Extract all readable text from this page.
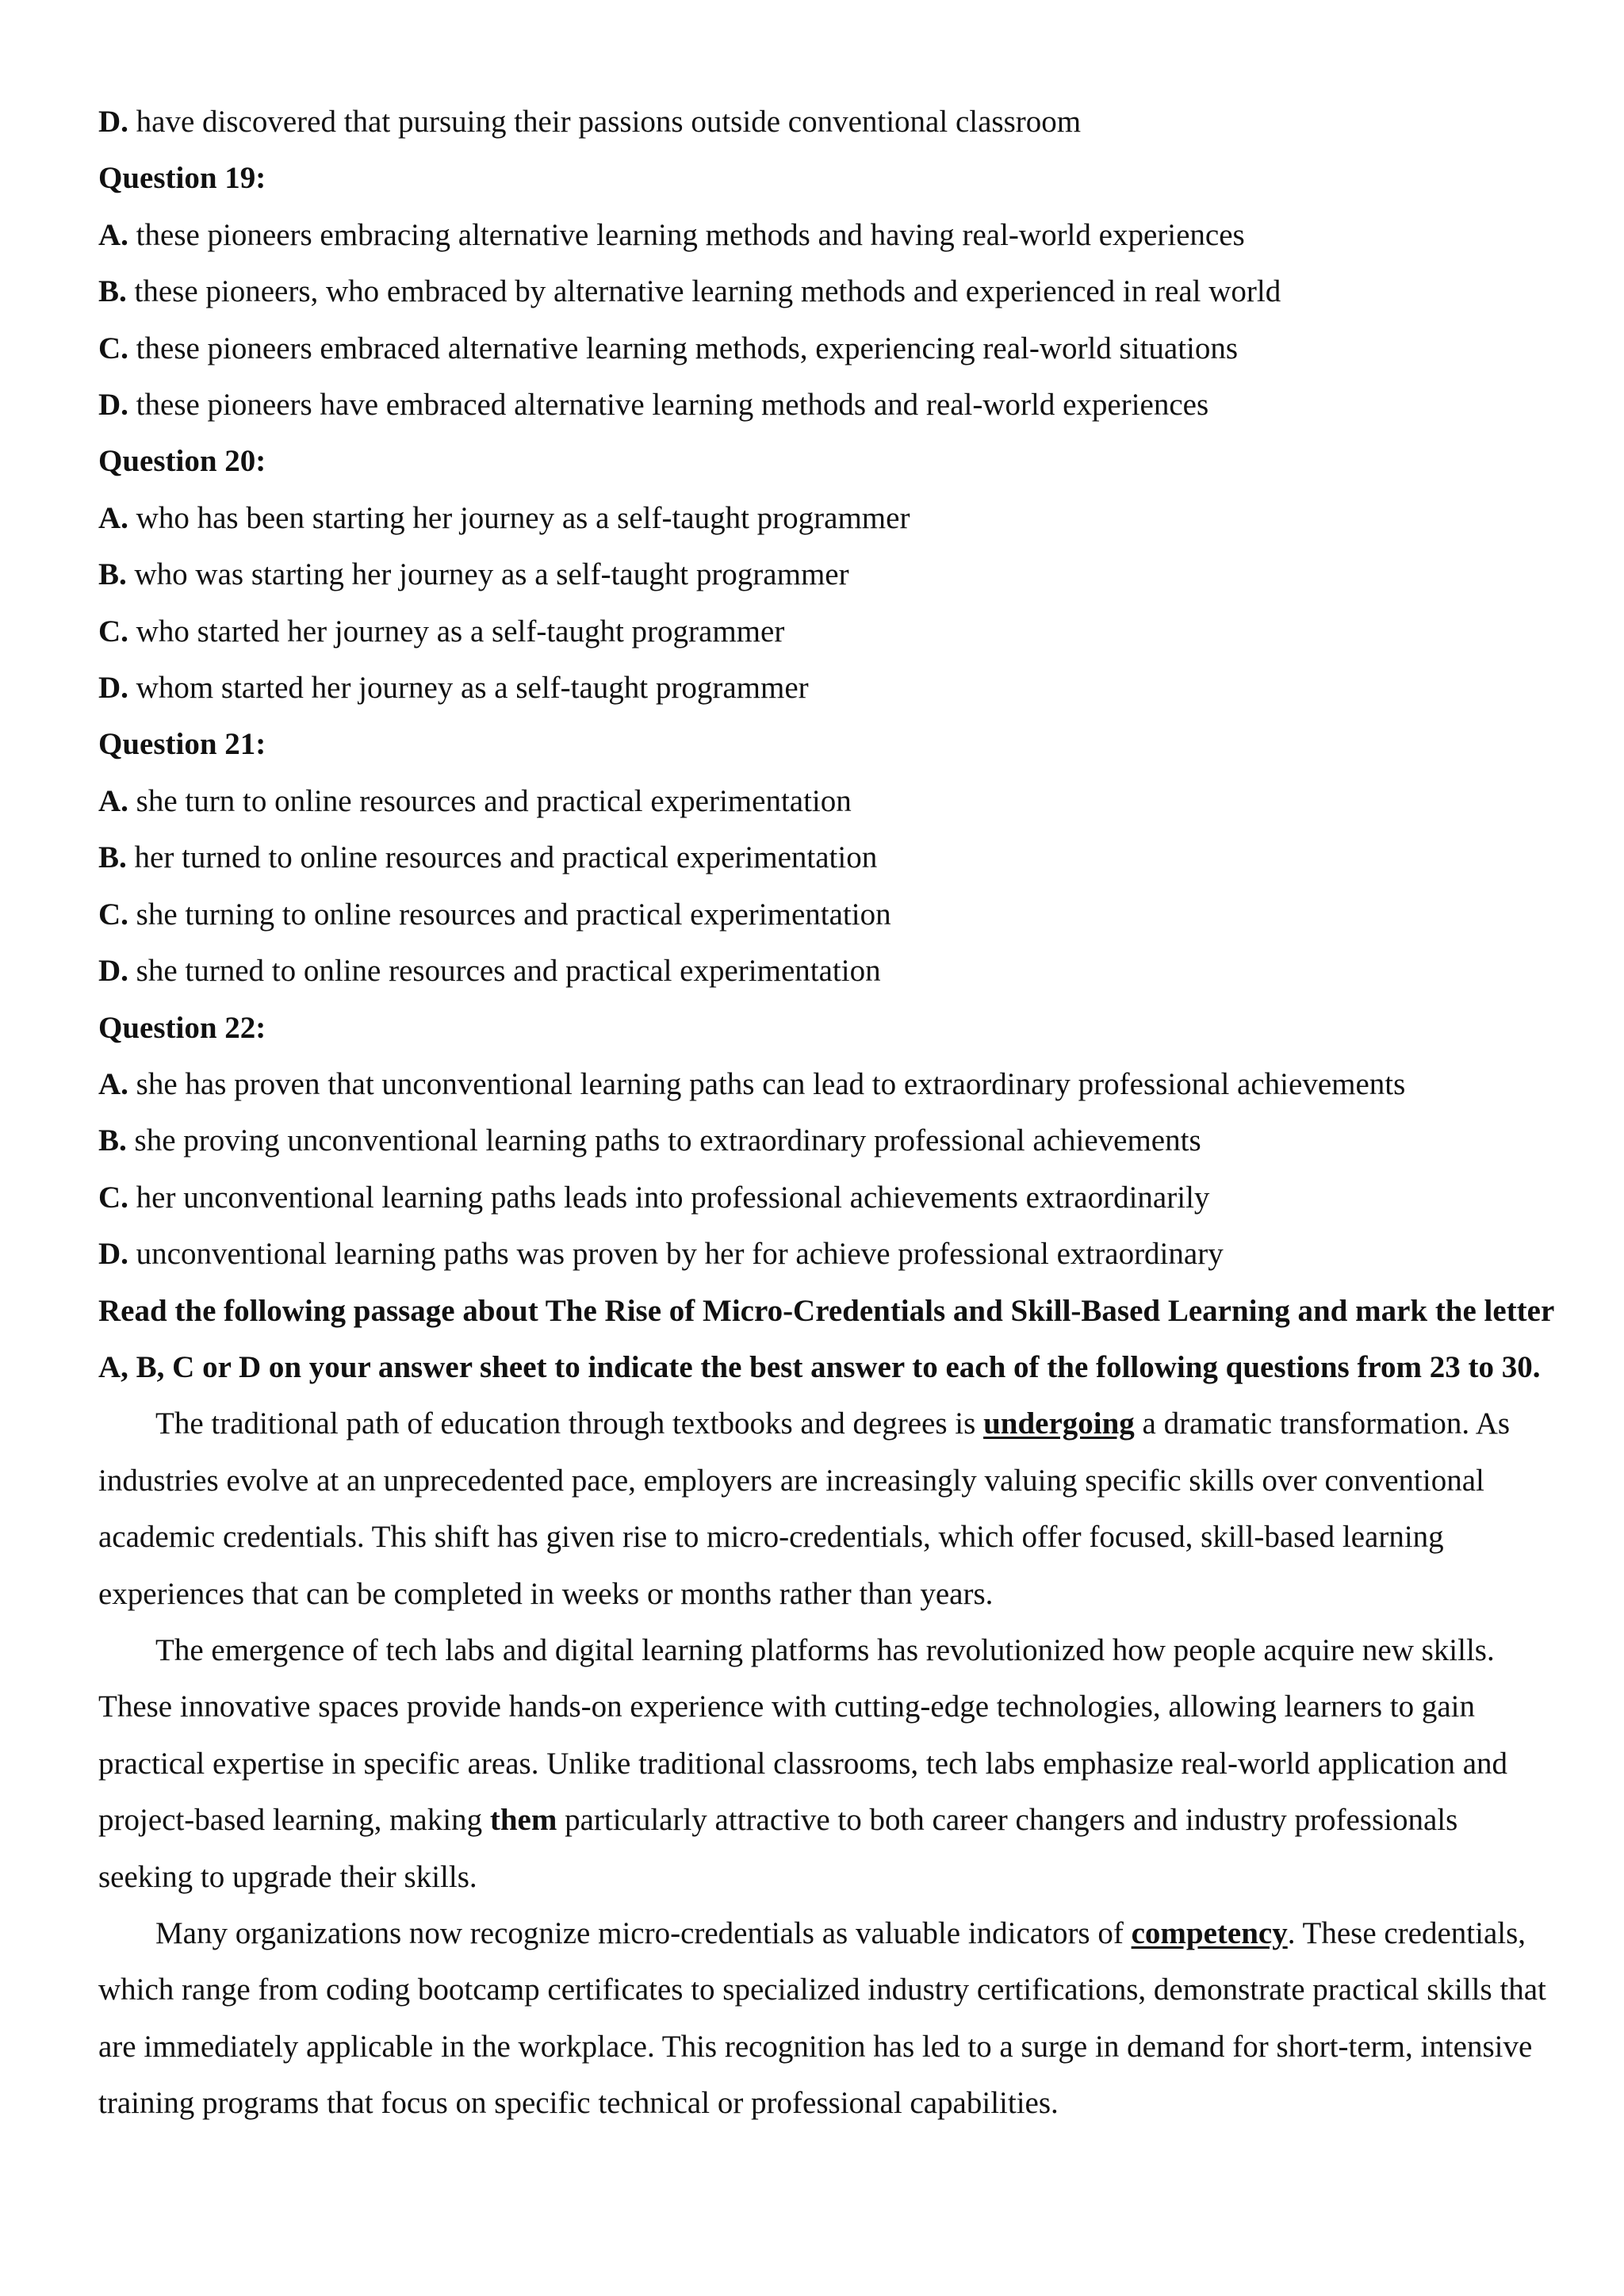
D. have discovered that pursuing their passions outside conventional classroom

Question 19:

A. these pioneers embracing alternative learning methods and having real-world experiences

B. these pioneers, who embraced by alternative learning methods and experienced in real world

C. these pioneers embraced alternative learning methods, experiencing real-world situations

D. these pioneers have embraced alternative learning methods and real-world experiences

Question 20:

A. who has been starting her journey as a self-taught programmer

B. who was starting her journey as a self-taught programmer

C. who started her journey as a self-taught programmer

D. whom started her journey as a self-taught programmer

Question 21:

A. she turn to online resources and practical experimentation

B. her turned to online resources and practical experimentation

C. she turning to online resources and practical experimentation

D. she turned to online resources and practical experimentation

Question 22:

A. she has proven that unconventional learning paths can lead to extraordinary professional achievements

B. she proving unconventional learning paths to extraordinary professional achievements

C. her unconventional learning paths leads into professional achievements extraordinarily

D. unconventional learning paths was proven by her for achieve professional extraordinary

Read the following passage about The Rise of Micro-Credentials and Skill-Based Learning and mark the letter A, B, C or D on your answer sheet to indicate the best answer to each of the following questions from 23 to 30.

The traditional path of education through textbooks and degrees is undergoing a dramatic transformation. As industries evolve at an unprecedented pace, employers are increasingly valuing specific skills over conventional academic credentials. This shift has given rise to micro-credentials, which offer focused, skill-based learning experiences that can be completed in weeks or months rather than years.

The emergence of tech labs and digital learning platforms has revolutionized how people acquire new skills. These innovative spaces provide hands-on experience with cutting-edge technologies, allowing learners to gain practical expertise in specific areas. Unlike traditional classrooms, tech labs emphasize real-world application and project-based learning, making them particularly attractive to both career changers and industry professionals seeking to upgrade their skills.

Many organizations now recognize micro-credentials as valuable indicators of competency. These credentials, which range from coding bootcamp certificates to specialized industry certifications, demonstrate practical skills that are immediately applicable in the workplace. This recognition has led to a surge in demand for short-term, intensive training programs that focus on specific technical or professional capabilities.
